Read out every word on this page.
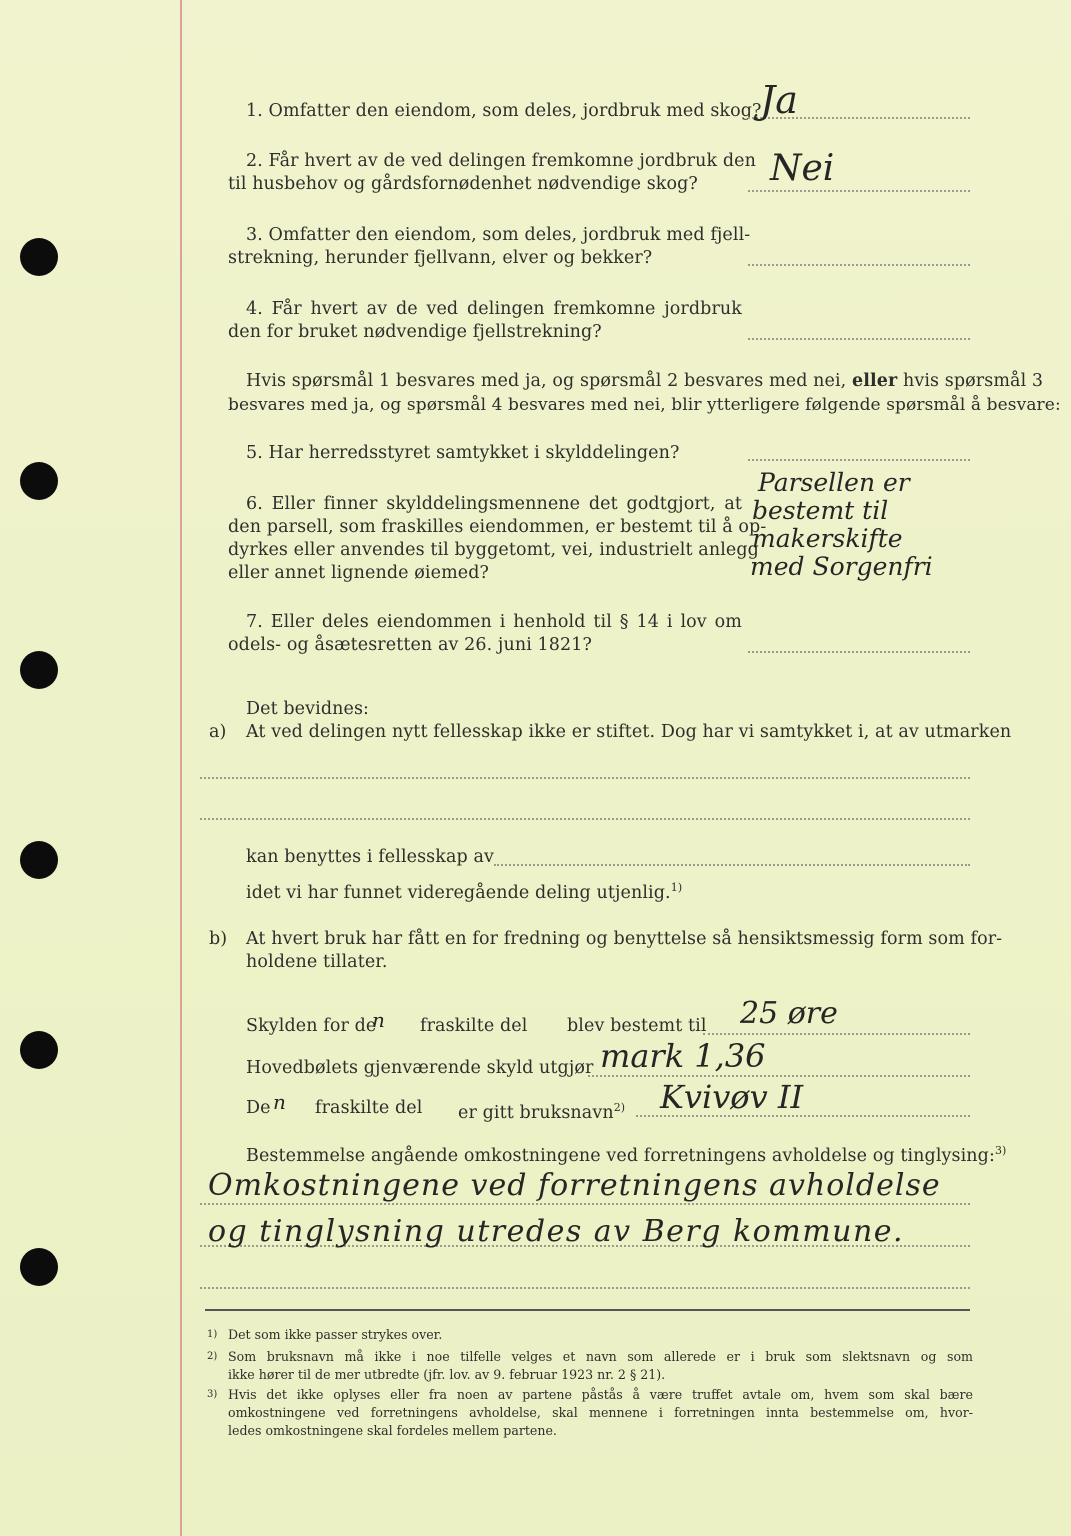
1. Omfatter den eiendom, som deles, jordbruk med skog?
Ja
2. Får hvert av de ved delingen fremkomne jordbruk den
til husbehov og gårdsfornødenhet nødvendige skog? Nei
3. Omfatter den eiendom, som deles, jordbruk med fjell-
strekning, herunder fjellvann, elver og bekker?
4. Får hvert av de ved delingen fremkomne jordbruk
den for bruket nødvendige fjellstrekning?
Hvis spørsmål 1 besvares med ja, og spørsmål 2 besvares med nei, eller hvis spørsmål 3
besvares med ja, og spørsmål 4 besvares med nei, blir ytterligere følgende spørsmål å besvare:
5. Har herredsstyret samtykket i skylddelingen?
6. Eller finner skylddelingsmennene det godtgjort, at
den parsell, som fraskilles eiendommen, er bestemt til å op-
dyrkes eller anvendes til byggetomt, vei, industrielt anlegg
eller annet lignende øiemed?
Parsellen er
bestemt til
makerskifte
med Sorgenfri
7. Eller deles eiendommen i henhold til § 14 i lov om
odels- og åsætesretten av 26. juni 1821?
Det bevidnes:
a) At ved delingen nytt fellesskap ikke er stiftet. Dog har vi samtykket i, at av utmarken
kan benyttes i fellesskap av
idet vi har funnet videregående deling utjenlig.$^{1)}$
b) At hvert bruk har fått en for fredning og benyttelse så hensiktsmessig form som for-
holdene tillater.
Skylden for de
n fraskilte del blev bestemt til 25 øre
Hovedbølets gjenværende skyld utgjør mark 1,36
De n fraskilte del er gitt bruksnavn$^{2)}$ Kvivøv II
Bestemmelse angående omkostningene ved forretningens avholdelse og tinglysing:$^{3)}$
Omkostningene ved forretningens avholdelse
og tinglysning utredes av Berg kommune.
1) Det som ikke passer strykes over.
2) Som bruksnavn må ikke i noe tilfelle velges et navn som allerede er i bruk som slektsnavn og som
ikke hører til de mer utbredte (jfr. lov. av 9. februar 1923 nr. 2 § 21).
3) Hvis det ikke oplyses eller fra noen av partene påstås å være truffet avtale om, hvem som skal bære
omkostningene ved forretningens avholdelse, skal mennene i forretningen innta bestemmelse om, hvor-
ledes omkostningene skal fordeles mellem partene.
